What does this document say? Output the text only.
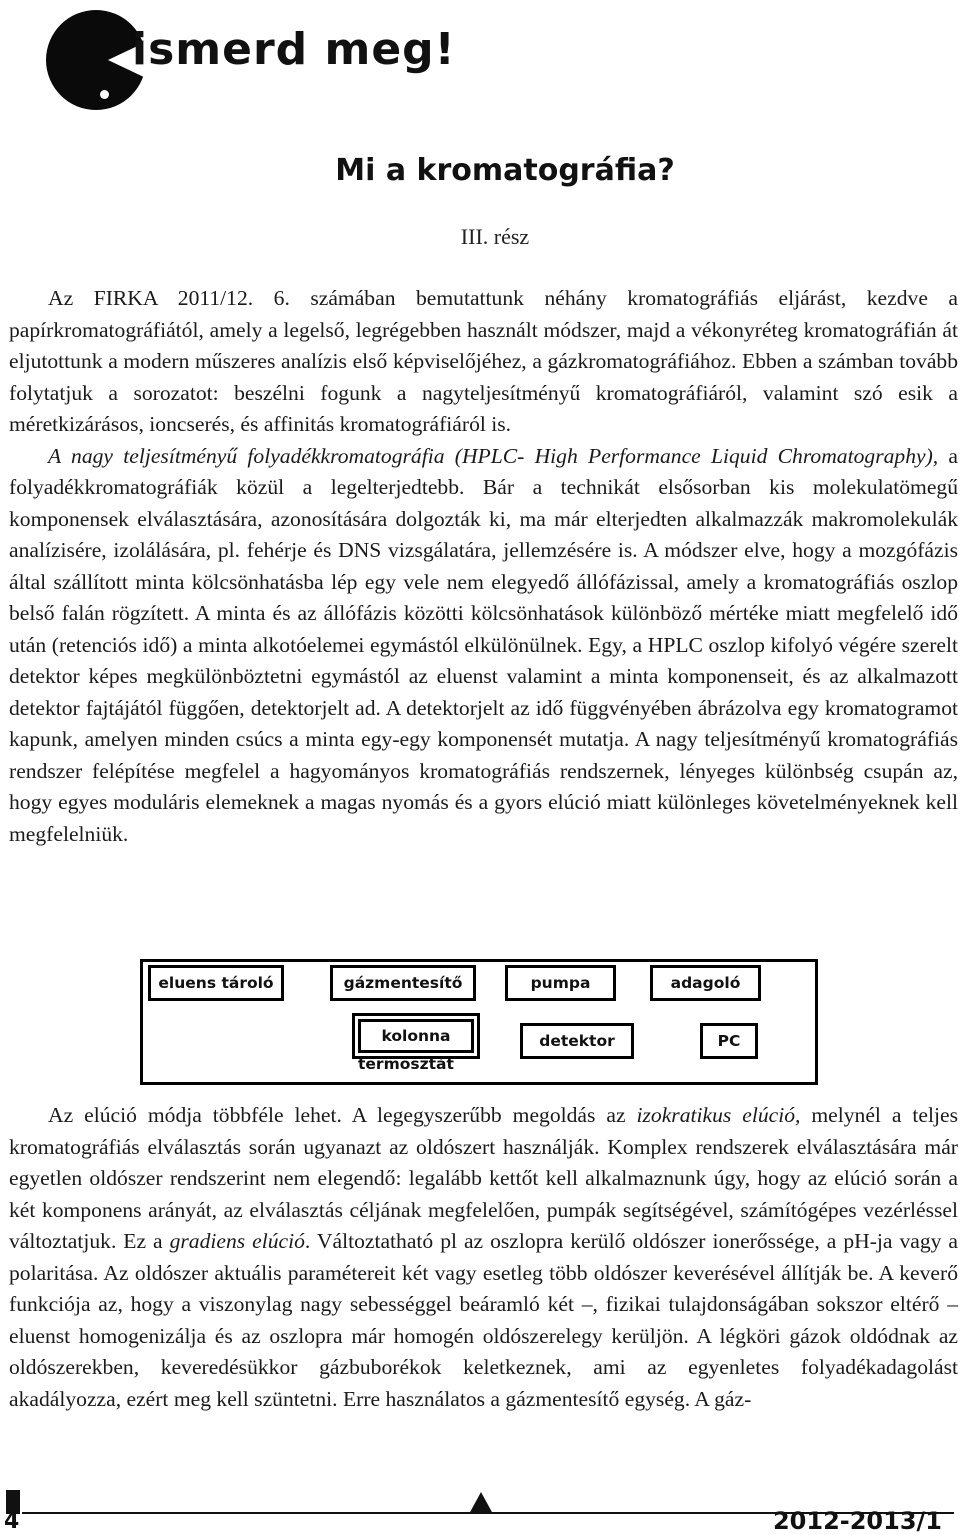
ismerd meg!
Mi a kromatográfia?
III. rész

Az FIRKA 2011/12. 6. számában bemutattunk néhány kromatográfiás eljárást, kezdve a papírkromatográfiától, amely a legelső, legrégebben használt módszer, majd a vékonyréteg kromatográfián át eljutottunk a modern műszeres analízis első képviselőjéhez, a gázkromatográfiához. Ebben a számban tovább folytatjuk a sorozatot: beszélni fogunk a nagyteljesítményű kromatográfiáról, valamint szó esik a méretkizárásos, ioncserés, és affinitás kromatográfiáról is.

A nagy teljesítményű folyadékkromatográfia (HPLC- High Performance Liquid Chromatography), a folyadékkromatográfiák közül a legelterjedtebb. Bár a technikát elsősorban kis molekulatömegű komponensek elválasztására, azonosítására dolgozták ki, ma már elterjedten alkalmazzák makromolekulák analízisére, izolálására, pl. fehérje és DNS vizsgálatára, jellemzésére is. A módszer elve, hogy a mozgófázis által szállított minta kölcsönhatásba lép egy vele nem elegyedő állófázissal, amely a kromatográfiás oszlop belső falán rögzített. A minta és az állófázis közötti kölcsönhatások különböző mértéke miatt megfelelő idő után (retenciós idő) a minta alkotóelemei egymástól elkülönülnek. Egy, a HPLC oszlop kifolyó végére szerelt detektor képes megkülönböztetni egymástól az eluenst valamint a minta komponenseit, és az alkalmazott detektor fajtájától függően, detektorjelt ad. A detektorjelt az idő függvényében ábrázolva egy kromatogramot kapunk, amelyen minden csúcs a minta egy-egy komponensét mutatja. A nagy teljesítményű kromatográfiás rendszer felépítése megfelel a hagyományos kromatográfiás rendszernek, lényeges különbség csupán az, hogy egyes moduláris elemeknek a magas nyomás és a gyors elúció miatt különleges követelményeknek kell megfelelniük.

eluens tároló	gázmentesítő	pumpa	adagoló
kolonna
termosztát
detektor	PC

Az elúció módja többféle lehet. A legegyszerűbb megoldás az izokratikus elúció, melynél a teljes kromatográfiás elválasztás során ugyanazt az oldószert használják. Komplex rendszerek elválasztására már egyetlen oldószer rendszerint nem elegendő: legalább kettőt kell alkalmaznunk úgy, hogy az elúció során a két komponens arányát, az elválasztás céljának megfelelően, pumpák segítségével, számítógépes vezérléssel változtatjuk. Ez a gradiens elúció. Változtatható pl az oszlopra kerülő oldószer ionerőssége, a pH-ja vagy a polaritása. Az oldószer aktuális paramétereit két vagy esetleg több oldószer keverésével állítják be. A keverő funkciója az, hogy a viszonylag nagy sebességgel beáramló két –, fizikai tulajdonságában sokszor eltérő – eluenst homogenizálja és az oszlopra már homogén oldószerelegy kerüljön. A légköri gázok oldódnak az oldószerekben, keveredésükkor gázbuborékok keletkeznek, ami az egyenletes folyadékadagolást akadályozza, ezért meg kell szüntetni. Erre használatos a gázmentesítő egység. A gáz-

4	2012-2013/1
